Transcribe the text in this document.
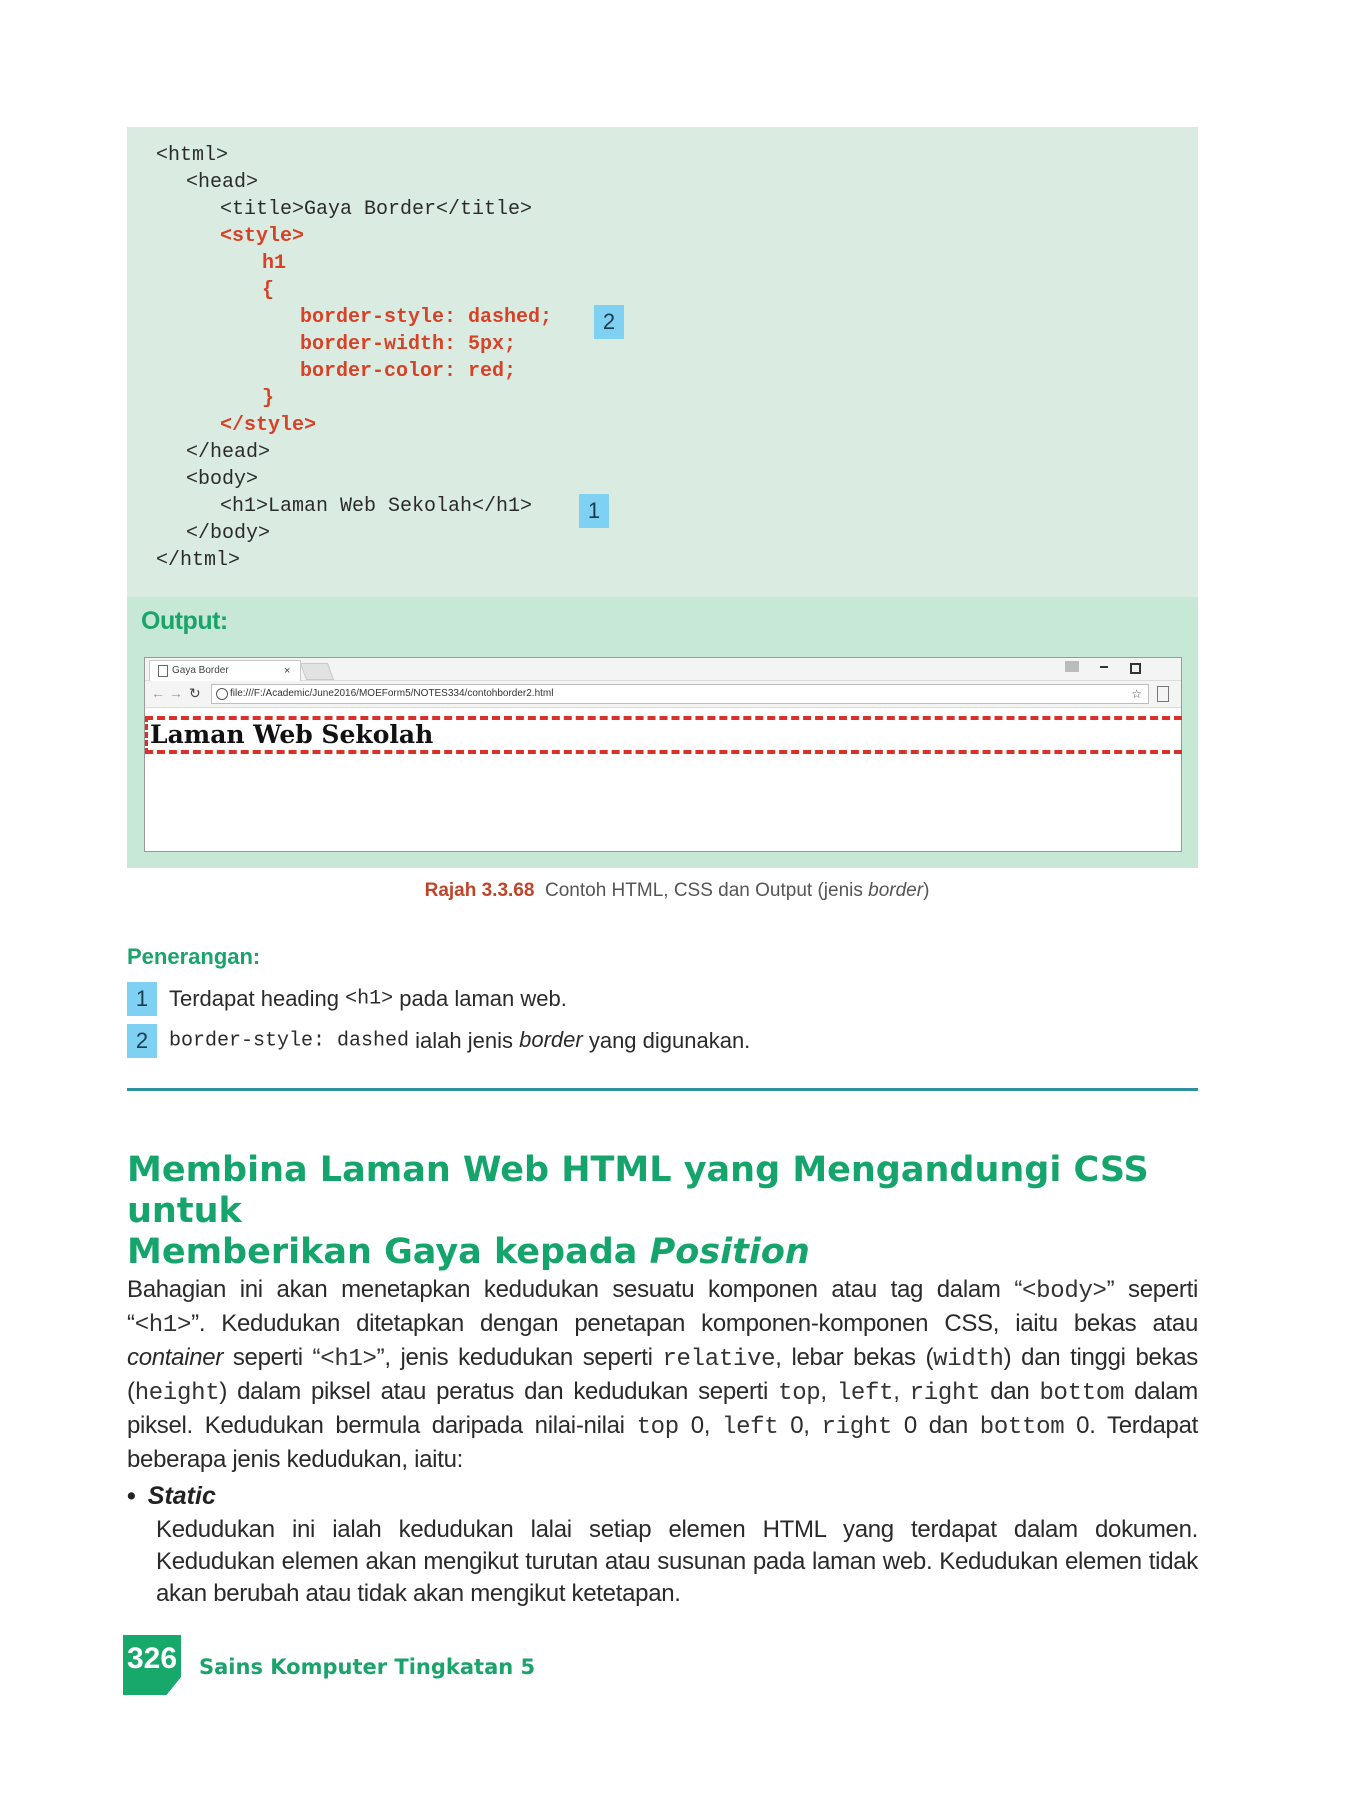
<html>
<head>
<title>Gaya Border</title>
<style>
h1
{
border-style: dashed;
border-width: 5px;
border-color: red;
}
</style>
</head>
<body>
<h1>Laman Web Sekolah</h1>
</body>
</html>
2
1
Output:
Gaya Border	×
← → ↻	file:///F:/Academic/June2016/MOEForm5/NOTES334/contohborder2.html	☆
Laman Web Sekolah
Rajah 3.3.68 Contoh HTML, CSS dan Output (jenis border)
Penerangan:
1 Terdapat heading <h1> pada laman web.
2 border-style: dashed ialah jenis border yang digunakan.
Membina Laman Web HTML yang Mengandungi CSS untuk
Memberikan Gaya kepada Position
Bahagian ini akan menetapkan kedudukan sesuatu komponen atau tag dalam “<body>” seperti “<h1>”. Kedudukan ditetapkan dengan penetapan komponen-komponen CSS, iaitu bekas atau container seperti “<h1>”, jenis kedudukan seperti relative, lebar bekas (width) dan tinggi bekas (height) dalam piksel atau peratus dan kedudukan seperti top, left, right dan bottom dalam piksel. Kedudukan bermula daripada nilai-nilai top 0, left 0, right 0 dan bottom 0. Terdapat beberapa jenis kedudukan, iaitu:
• Static
Kedudukan ini ialah kedudukan lalai setiap elemen HTML yang terdapat dalam dokumen. Kedudukan elemen akan mengikut turutan atau susunan pada laman web. Kedudukan elemen tidak akan berubah atau tidak akan mengikut ketetapan.
326 Sains Komputer Tingkatan 5
